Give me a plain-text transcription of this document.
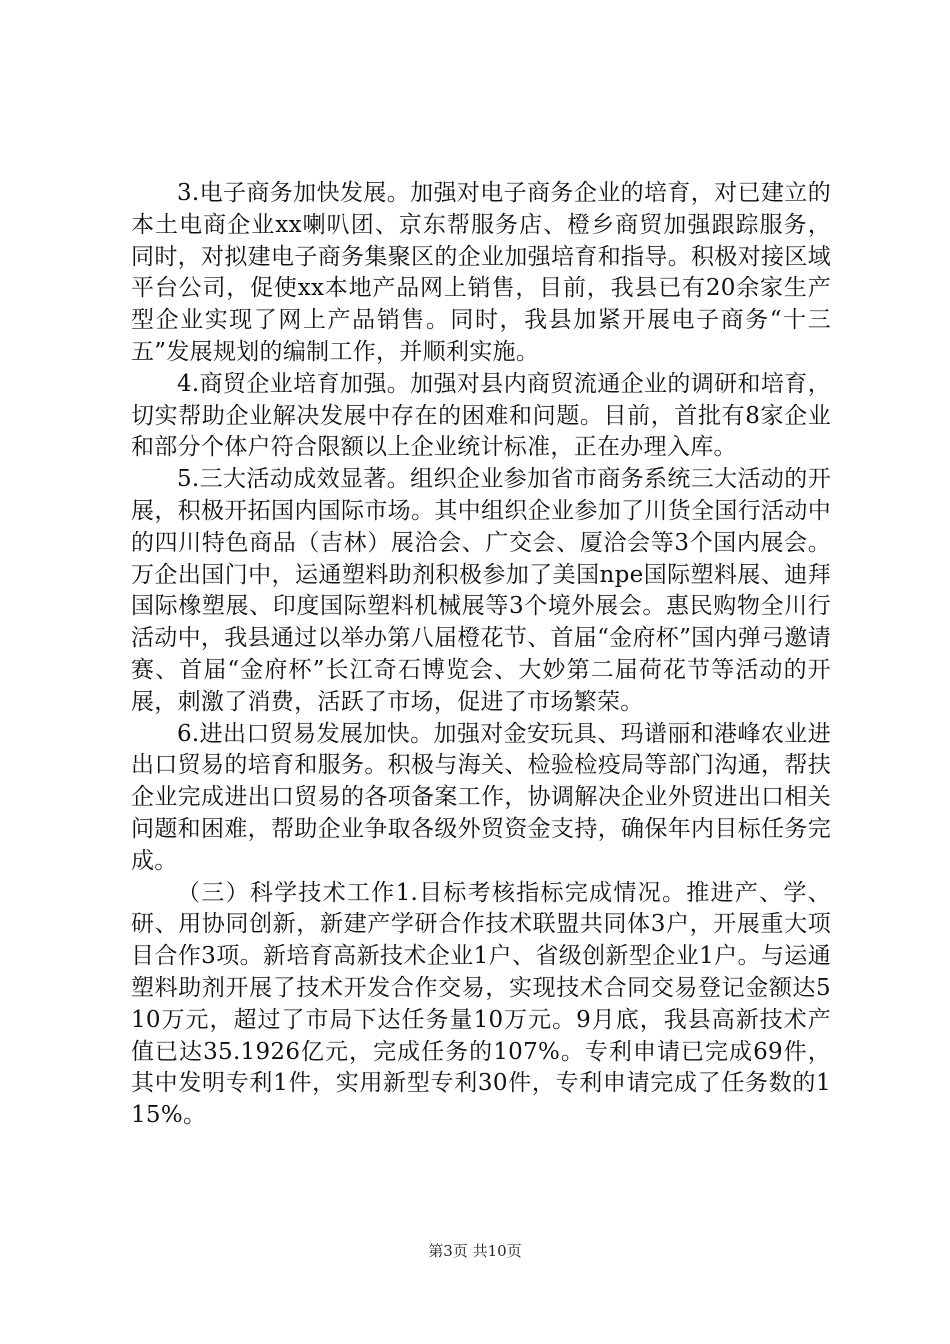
3.电子商务加快发展。加强对电子商务企业的培育，对已建立的本土电商企业xx喇叭团、京东帮服务店、橙乡商贸加强跟踪服务，同时，对拟建电子商务集聚区的企业加强培育和指导。积极对接区域平台公司，促使xx本地产品网上销售，目前，我县已有20余家生产型企业实现了网上产品销售。同时，我县加紧开展电子商务“十三五”发展规划的编制工作，并顺利实施。

4.商贸企业培育加强。加强对县内商贸流通企业的调研和培育，切实帮助企业解决发展中存在的困难和问题。目前，首批有8家企业和部分个体户符合限额以上企业统计标准，正在办理入库。

5.三大活动成效显著。组织企业参加省市商务系统三大活动的开展，积极开拓国内国际市场。其中组织企业参加了川货全国行活动中的四川特色商品（吉林）展洽会、广交会、厦洽会等3个国内展会。万企出国门中，运通塑料助剂积极参加了美国npe国际塑料展、迪拜国际橡塑展、印度国际塑料机械展等3个境外展会。惠民购物全川行活动中，我县通过以举办第八届橙花节、首届“金府杯”国内弹弓邀请赛、首届“金府杯”长江奇石博览会、大妙第二届荷花节等活动的开展，刺激了消费，活跃了市场，促进了市场繁荣。

6.进出口贸易发展加快。加强对金安玩具、玛谱丽和港峰农业进出口贸易的培育和服务。积极与海关、检验检疫局等部门沟通，帮扶企业完成进出口贸易的各项备案工作，协调解决企业外贸进出口相关问题和困难，帮助企业争取各级外贸资金支持，确保年内目标任务完成。

（三）科学技术工作1.目标考核指标完成情况。推进产、学、研、用协同创新，新建产学研合作技术联盟共同体3户，开展重大项目合作3项。新培育高新技术企业1户、省级创新型企业1户。与运通塑料助剂开展了技术开发合作交易，实现技术合同交易登记金额达510万元，超过了市局下达任务量10万元。9月底，我县高新技术产值已达35.1926亿元，完成任务的107%。专利申请已完成69件，其中发明专利1件，实用新型专利30件，专利申请完成了任务数的115%。

第3页 共10页
